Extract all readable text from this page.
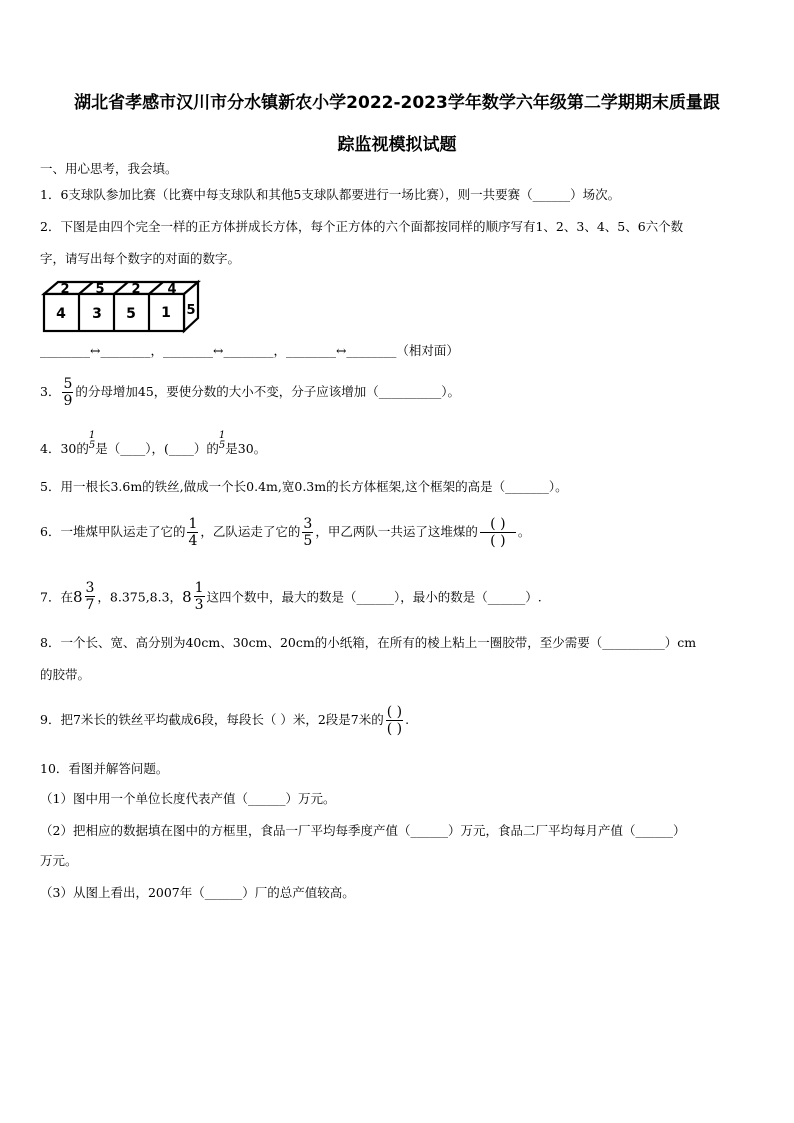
湖北省孝感市汉川市分水镇新农小学2022-2023学年数学六年级第二学期期末质量跟
踪监视模拟试题
一、用心思考，我会填。
1．6支球队参加比赛（比赛中每支球队和其他5支球队都要进行一场比赛），则一共要赛（______）场次。
2．下图是由四个完全一样的正方体拼成长方体，每个正方体的六个面都按同样的顺序写有1、2、3、4、5、6六个数
字，请写出每个数字的对面的数字。
2 5 2 4
4 3 5 1 5
________↔________，________↔________，________↔________（相对面）
3． $\frac{5}{9}$ 的分母增加45，要使分数的大小不变，分子应该增加（__________）。
4．30的
1
5 是（____），(____）的
1
5 是30。
5．用一根长3.6m的铁丝,做成一个长0.4m,宽0.3m的长方体框架,这个框架的高是（_______）。
6．一堆煤甲队运走了它的 $\frac{1}{4}$ ，乙队运走了它的 $\frac{3}{5}$ ，甲乙两队一共运了这堆煤的 $\frac{( )}{( )}$ 。
7．在 $8 \frac{3}{7}$ ，8.375,8.3， $8 \frac{1}{3}$ 这四个数中，最大的数是（______），最小的数是（______）.
8．一个长、宽、高分别为40cm、30cm、20cm的小纸箱，在所有的棱上粘上一圈胶带，至少需要（__________）cm
的胶带。
9．把7米长的铁丝平均截成6段，每段长（ ）米，2段是7米的 $\frac{( )}{( )}$ .
10．看图并解答问题。
（1）图中用一个单位长度代表产值（______）万元。
（2）把相应的数据填在图中的方框里，食品一厂平均每季度产值（______）万元，食品二厂平均每月产值（______）
万元。
（3）从图上看出，2007年（______）厂的总产值较高。
